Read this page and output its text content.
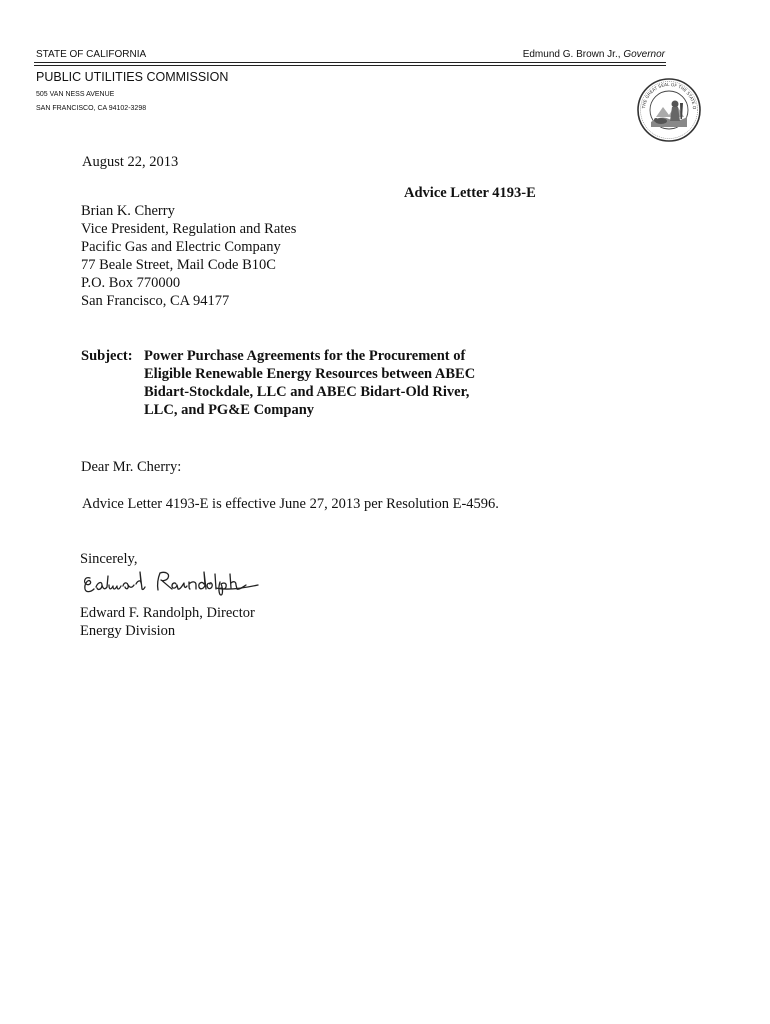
STATE OF CALIFORNIA	Edmund G. Brown Jr., Governor
PUBLIC UTILITIES COMMISSION
505 VAN NESS AVENUE
SAN FRANCISCO, CA 94102-3298	THE GREAT SEAL OF THE STATE O
August 22, 2013
Advice Letter 4193-E
Brian K. Cherry
Vice President, Regulation and Rates
Pacific Gas and Electric Company
77 Beale Street, Mail Code B10C
P.O. Box 770000
San Francisco, CA 94177
Subject: Power Purchase Agreements for the Procurement of
Eligible Renewable Energy Resources between ABEC
Bidart-Stockdale, LLC and ABEC Bidart-Old River,
LLC, and PG&E Company
Dear Mr. Cherry:
Advice Letter 4193-E is effective June 27, 2013 per Resolution E-4596.
Sincerely,
Edward F. Randolph, Director
Energy Division
